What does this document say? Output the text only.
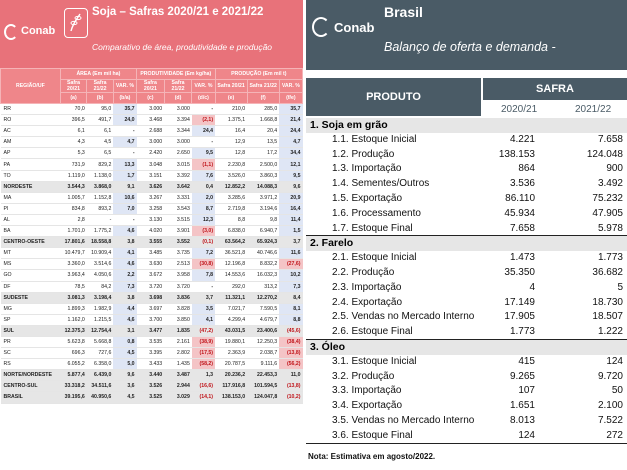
Conab
Soja – Safras 2020/21 e 2021/22
Comparativo de área, produtividade e produção
REGIÃO/UF	ÁREA (Em mil ha)			PRODUTIVIDADE (Em kg/ha)			PRODUÇÃO (Em mil t)		
	Safra 20/21	Safra 21/22	VAR. %	Safra 20/21	Safra 21/22	VAR. %	Safra 20/21	Safra 21/22	VAR. %
	(a)	(b)	(b/a)	(c)	(d)	(d/c)	(e)	(f)	(f/e)
RR	70,0	95,0	35,7	3.000	3.000	-	210,0	285,0	35,7
RO	396,5	491,7	24,0	3.468	3.394	(2,1)	1.375,1	1.668,8	21,4
AC	6,1	6,1	-	2.688	3.344	24,4	16,4	20,4	24,4
AM	4,3	4,5	4,7	3.000	3.000	-	12,9	13,5	4,7
AP	5,3	6,5	-	2.420	2.650	9,5	12,8	17,2	34,4
PA	731,9	829,2	13,3	3.048	3.015	(1,1)	2.230,8	2.500,0	12,1
TO	1.119,0	1.138,0	1,7	3.151	3.392	7,6	3.526,0	3.860,3	9,5
NORDESTE	3.544,3	3.868,0	9,1	3.626	3.642	0,4	12.852,2	14.088,3	9,6
MA	1.005,7	1.152,8	10,6	3.267	3.331	2,0	3.285,6	3.971,2	20,9
PI	834,8	893,2	7,0	3.258	3.543	8,7	2.719,8	3.194,6	16,4
AL	2,8	-	-	3.130	3.515	12,3	8,8	9,8	11,4
BA	1.701,0	1.775,2	4,6	4.020	3.901	(3,0)	6.838,0	6.940,7	1,5
CENTRO-OESTE	17.801,6	18.558,8	3,8	3.555	3.552	(0,1)	63.564,2	65.924,3	3,7
MT	10.479,7	10.909,4	4,1	3.485	3.735	7,2	36.521,8	40.746,6	11,6
MS	3.360,0	3.514,6	4,6	3.630	2.513	(30,8)	12.196,8	8.832,2	(27,6)
GO	3.963,4	4.050,6	2,2	3.672	3.958	7,8	14.553,6	16.032,3	10,2
DF	78,5	84,2	7,3	3.720	3.720	-	292,0	313,2	7,3
SUDESTE	3.081,3	3.198,4	3,8	3.698	3.836	3,7	11.321,1	12.270,2	8,4
MG	1.899,3	1.982,9	4,4	3.697	3.828	3,5	7.021,7	7.590,5	8,1
SP	1.162,0	1.215,5	4,6	3.700	3.850	4,1	4.299,4	4.679,7	8,8
SUL	12.375,3	12.754,4	3,1	3.477	1.835	(47,2)	43.031,5	23.400,6	(45,6)
PR	5.623,8	5.668,8	0,8	3.535	2.161	(38,9)	19.880,1	12.250,3	(38,4)
SC	696,3	727,6	4,5	3.395	2.802	(17,5)	2.363,9	2.038,7	(13,8)
RS	6.055,2	6.358,0	5,0	3.433	1.435	(58,2)	20.787,5	9.111,6	(56,2)
NORTE/NORDESTE	5.877,4	6.439,0	9,6	3.440	3.487	1,3	20.236,2	22.453,3	11,0
CENTRO-SUL	33.318,2	34.511,6	3,6	3.526	2.944	(16,6)	117.916,8	101.594,5	(13,8)
BRASIL	39.195,6	40.950,6	4,5	3.525	3.029	(14,1)	138.153,0	124.047,8	(10,2)
Conab
Brasil
Balanço de oferta e demanda -
PRODUTO
SAFRA
2020/21	2021/22
1. Soja em grão
1.1. Estoque Inicial	4.221	7.658
1.2. Produção	138.153	124.048
1.3. Importação	864	900
1.4. Sementes/Outros	3.536	3.492
1.5. Exportação	86.110	75.232
1.6. Processamento	45.934	47.905
1.7. Estoque Final	7.658	5.978
2. Farelo
2.1. Estoque Inicial	1.473	1.773
2.2. Produção	35.350	36.682
2.3. Importação	4	5
2.4. Exportação	17.149	18.730
2.5. Vendas no Mercado Interno	17.905	18.507
2.6. Estoque Final	1.773	1.222
3. Óleo
3.1. Estoque Inicial	415	124
3.2. Produção	9.265	9.720
3.3. Importação	107	50
3.4. Exportação	1.651	2.100
3.5. Vendas no Mercado Interno	8.013	7.522
3.6. Estoque Final	124	272
Nota: Estimativa em agosto/2022.
